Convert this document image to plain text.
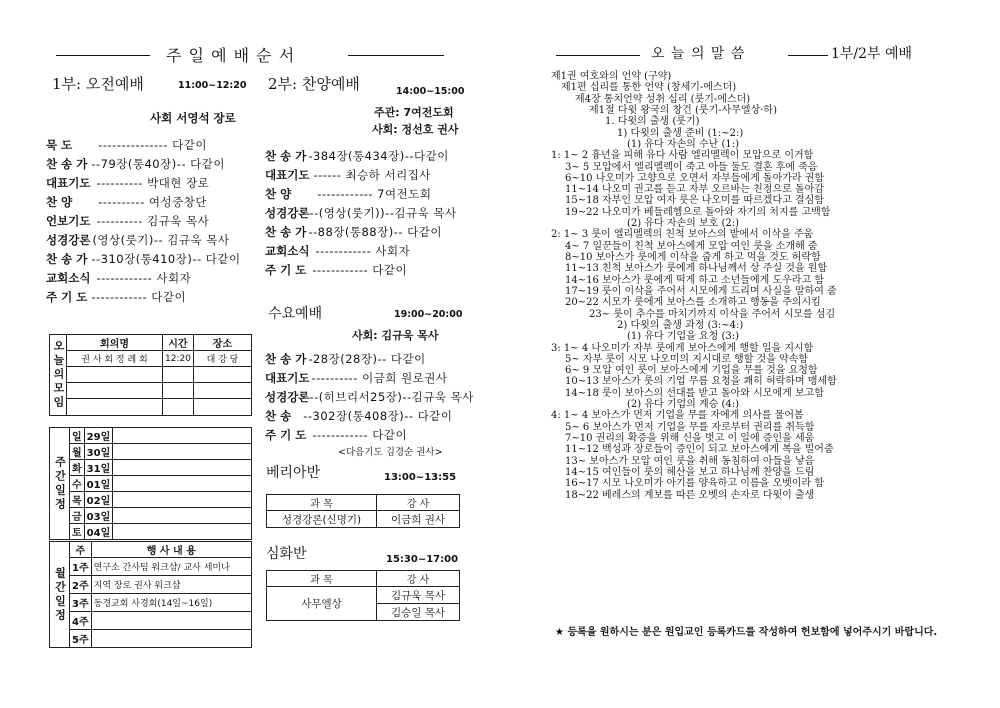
주 일 예 배 순 서
1부: 오전예배	11:00~12:20
사회 서영석 장로
묵 도 --------------- 다같이
찬 송 가 --79장(통40장)-- 다같이
대표기도 ---------- 박대현 장로
찬 양 ---------- 여성중창단
언보기도 ---------- 김규욱 목사
성경강론 (영상(룻기)-- 김규욱 목사
찬 송 가 --310장(통410장)-- 다같이
교회소식 ------------ 사회자
주 기 도 ------------ 다같이
2부: 찬양예배	14:00~15:00
주관: 7여전도회
사회: 정선호 권사
찬 송 가 -384장(통434장)--다같이
대표기도 ------ 최승하 서리집사
찬 양 ------------ 7여전도회
성경강론 --(영상(룻기))--김규욱 목사
찬 송 가 --88장(통88장)-- 다같이
교회소식 ------------ 사회자
주 기 도 ------------ 다같이
수요예배	19:00~20:00
사회: 김규욱 목사
찬 송 가 -28장(28장)-- 다같이
대표기도 ---------- 이금희 원로권사
성경강론 --(히브리서25장)--김규욱 목사
찬 송 --302장(통408장)-- 다같이
주 기 도 ------------ 다같이
<다음기도 김경순 권사>
베리아반	13:00~13:55
과 목	강 사
성경강론(신명기)	이금희 권사
심화반	15:30~17:00
과 목	강 사
사무엘상	김규욱 목사
	김승일 목사
오늘의모임	회의명	시간	장소
	권 사 회 정 례 회	12:20	대 강 당

주간일정	일	29일	
	월	30일	
	화	31일	
	수	01일	
	목	02일	
	금	03일	
	토	04일	
월간일정	주	행 사 내 용
	1주	연구소 간사팀 워크샵/ 교사 세미나
	2주	지역 장로 권사 워크샵
	3주	동경교회 사경회(14일~16일)
	4주	
	5주	
오 늘 의 말 씀	1부/2부 예배
제1권 여호와의 언약 (구약)
제1편 십리를 통한 언약 (창세기-에스더)
제4장 통치언약 성취 십리 (룻기-에스더)
제1절 다윗 왕국의 창건 (룻기-사무엘상·하)
1. 다윗의 출생 (룻기)
1) 다윗의 출생 준비 (1:~2:)
(1) 유다 자손의 수난 (1:)
1: 1~ 2 흉년을 피해 유다 사람 엘리멜렉이 모압으로 이거함
3~ 5 모압에서 엘리멜렉이 죽고 아들 둘도 결혼 후에 죽음
6~10 나오미가 고향으로 오면서 자부들에게 돌아가라 권함
11~14 나오미 권고를 듣고 자부 오르바는 친정으로 돌아감
15~18 자부인 모압 여자 룻은 나오미를 따르겠다고 결심함
19~22 나오미가 베들레헴으로 돌아와 자기의 처지를 고백함
(2) 유다 자손의 보호 (2:)
2: 1~ 3 룻이 엘리멜렉의 친척 보아스의 밭에서 이삭을 주움
4~ 7 일꾼들이 친척 보아스에게 모압 여인 룻을 소개해 줌
8~10 보아스가 룻에게 이삭을 줍게 하고 먹을 것도 허락함
11~13 친척 보아스가 룻에게 하나님께서 상 주실 것을 원함
14~16 보아스가 룻에게 떡게 하고 소년들에게 도우라고 함
17~19 룻이 이삭을 주어서 시모에게 드리며 사실을 말하여 줌
20~22 시모가 룻에게 보아스를 소개하고 행동을 주의시킴
23~ 룻이 추수를 마치기까지 이삭을 주어서 시모를 섬김
2) 다윗의 출생 과정 (3:~4:)
(1) 유다 기업을 요청 (3:)
3: 1~ 4 나오미가 자부 룻에게 보아스에게 행할 일을 지시함
5~ 자부 룻이 시모 나오미의 지시대로 행할 것을 약속함
6~ 9 모압 여인 룻이 보아스에게 기업을 무를 것을 요청함
10~13 보아스가 룻의 기업 무름 요청을 쾌히 허락하며 맹세함
14~18 룻이 보아스의 선대를 받고 돌아와 시모에게 보고함
(2) 유다 기업의 계승 (4:)
4: 1~ 4 보아스가 먼저 기업을 무를 자에게 의사를 물어봄
5~ 6 보아스가 먼저 기업을 무를 자로부터 권리를 취득함
7~10 권리의 확증을 위해 신을 벗고 이 일에 증인을 세움
11~12 백성과 장로들이 증인이 되고 보아스에게 복을 빌어줌
13~ 보아스가 모압 여인 룻을 취해 동침하여 아들을 낳음
14~15 여인들이 룻의 헤산을 보고 하나님께 찬양을 드림
16~17 시모 나오미가 아기를 양육하고 이름을 오벳이라 함
18~22 베레스의 계보를 따른 오벳의 손자로 다윗이 출생
★ 등록을 원하시는 분은 원입교인 등록카드를 작성하여 헌보함에 넣어주시기 바랍니다.
